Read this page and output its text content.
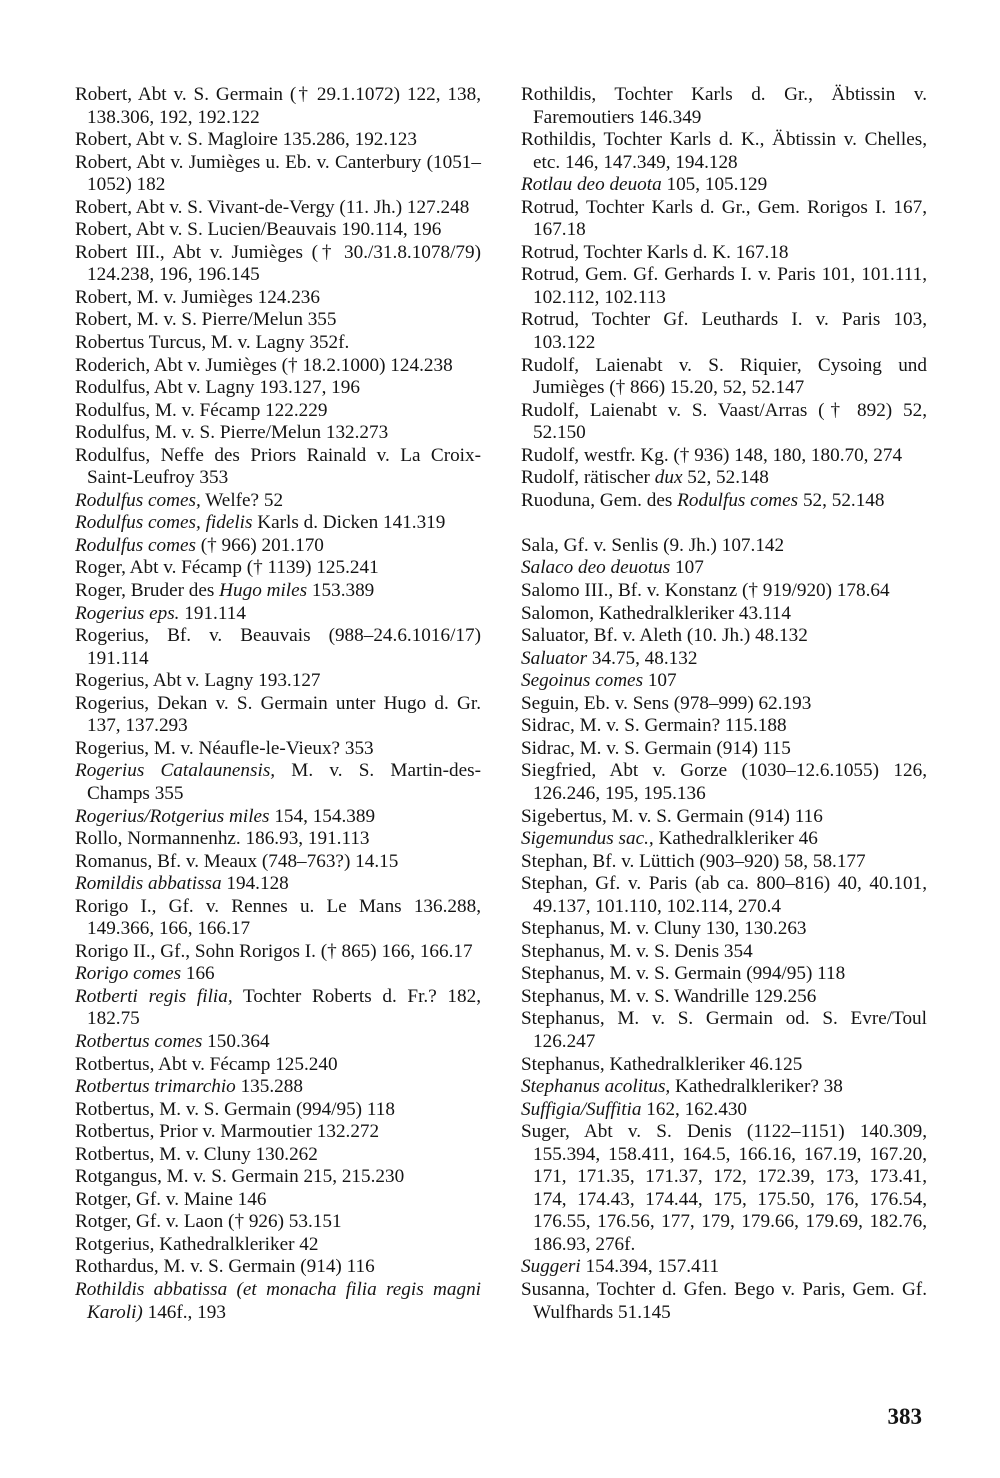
Robert, Abt v. S. Germain († 29.1.1072) 122, 138, 138.306, 192, 192.122

Robert, Abt v. S. Magloire 135.286, 192.123

Robert, Abt v. Jumièges u. Eb. v. Canterbury (1051–1052) 182

Robert, Abt v. S. Vivant-de-Vergy (11. Jh.) 127.248

Robert, Abt v. S. Lucien/Beauvais 190.114, 196

Robert III., Abt v. Jumièges († 30./31.8.1078/79) 124.238, 196, 196.145

Robert, M. v. Jumièges 124.236

Robert, M. v. S. Pierre/Melun 355

Robertus Turcus, M. v. Lagny 352f.

Roderich, Abt v. Jumièges († 18.2.1000) 124.238

Rodulfus, Abt v. Lagny 193.127, 196

Rodulfus, M. v. Fécamp 122.229

Rodulfus, M. v. S. Pierre/Melun 132.273

Rodulfus, Neffe des Priors Rainald v. La Croix-Saint-Leufroy 353

Rodulfus comes, Welfe? 52

Rodulfus comes, fidelis Karls d. Dicken 141.319

Rodulfus comes († 966) 201.170

Roger, Abt v. Fécamp († 1139) 125.241

Roger, Bruder des Hugo miles 153.389

Rogerius eps. 191.114

Rogerius, Bf. v. Beauvais (988–24.6.1016/17) 191.114

Rogerius, Abt v. Lagny 193.127

Rogerius, Dekan v. S. Germain unter Hugo d. Gr. 137, 137.293

Rogerius, M. v. Néaufle-le-Vieux? 353

Rogerius Catalaunensis, M. v. S. Martin-des-Champs 355

Rogerius/Rotgerius miles 154, 154.389

Rollo, Normannenhz. 186.93, 191.113

Romanus, Bf. v. Meaux (748–763?) 14.15

Romildis abbatissa 194.128

Rorigo I., Gf. v. Rennes u. Le Mans 136.288, 149.366, 166, 166.17

Rorigo II., Gf., Sohn Rorigos I. († 865) 166, 166.17

Rorigo comes 166

Rotberti regis filia, Tochter Roberts d. Fr.? 182, 182.75

Rotbertus comes 150.364

Rotbertus, Abt v. Fécamp 125.240

Rotbertus trimarchio 135.288

Rotbertus, M. v. S. Germain (994/95) 118

Rotbertus, Prior v. Marmoutier 132.272

Rotbertus, M. v. Cluny 130.262

Rotgangus, M. v. S. Germain 215, 215.230

Rotger, Gf. v. Maine 146

Rotger, Gf. v. Laon († 926) 53.151

Rotgerius, Kathedralkleriker 42

Rothardus, M. v. S. Germain (914) 116

Rothildis abbatissa (et monacha filia regis magni Karoli) 146f., 193

Rothildis, Tochter Karls d. Gr., Äbtissin v. Faremoutiers 146.349

Rothildis, Tochter Karls d. K., Äbtissin v. Chelles, etc. 146, 147.349, 194.128

Rotlau deo deuota 105, 105.129

Rotrud, Tochter Karls d. Gr., Gem. Rorigos I. 167, 167.18

Rotrud, Tochter Karls d. K. 167.18

Rotrud, Gem. Gf. Gerhards I. v. Paris 101, 101.111, 102.112, 102.113

Rotrud, Tochter Gf. Leuthards I. v. Paris 103, 103.122

Rudolf, Laienabt v. S. Riquier, Cysoing und Jumièges († 866) 15.20, 52, 52.147

Rudolf, Laienabt v. S. Vaast/Arras († 892) 52, 52.150

Rudolf, westfr. Kg. († 936) 148, 180, 180.70, 274

Rudolf, rätischer dux 52, 52.148

Ruoduna, Gem. des Rodulfus comes 52, 52.148

Sala, Gf. v. Senlis (9. Jh.) 107.142

Salaco deo deuotus 107

Salomo III., Bf. v. Konstanz († 919/920) 178.64

Salomon, Kathedralkleriker 43.114

Saluator, Bf. v. Aleth (10. Jh.) 48.132

Saluator 34.75, 48.132

Segoinus comes 107

Seguin, Eb. v. Sens (978–999) 62.193

Sidrac, M. v. S. Germain? 115.188

Sidrac, M. v. S. Germain (914) 115

Siegfried, Abt v. Gorze (1030–12.6.1055) 126, 126.246, 195, 195.136

Sigebertus, M. v. S. Germain (914) 116

Sigemundus sac., Kathedralkleriker 46

Stephan, Bf. v. Lüttich (903–920) 58, 58.177

Stephan, Gf. v. Paris (ab ca. 800–816) 40, 40.101, 49.137, 101.110, 102.114, 270.4

Stephanus, M. v. Cluny 130, 130.263

Stephanus, M. v. S. Denis 354

Stephanus, M. v. S. Germain (994/95) 118

Stephanus, M. v. S. Wandrille 129.256

Stephanus, M. v. S. Germain od. S. Evre/Toul 126.247

Stephanus, Kathedralkleriker 46.125

Stephanus acolitus, Kathedralkleriker? 38

Suffigia/Suffitia 162, 162.430

Suger, Abt v. S. Denis (1122–1151) 140.309, 155.394, 158.411, 164.5, 166.16, 167.19, 167.20, 171, 171.35, 171.37, 172, 172.39, 173, 173.41, 174, 174.43, 174.44, 175, 175.50, 176, 176.54, 176.55, 176.56, 177, 179, 179.66, 179.69, 182.76, 186.93, 276f.

Suggeri 154.394, 157.411

Susanna, Tochter d. Gfen. Bego v. Paris, Gem. Gf. Wulfhards 51.145

383
